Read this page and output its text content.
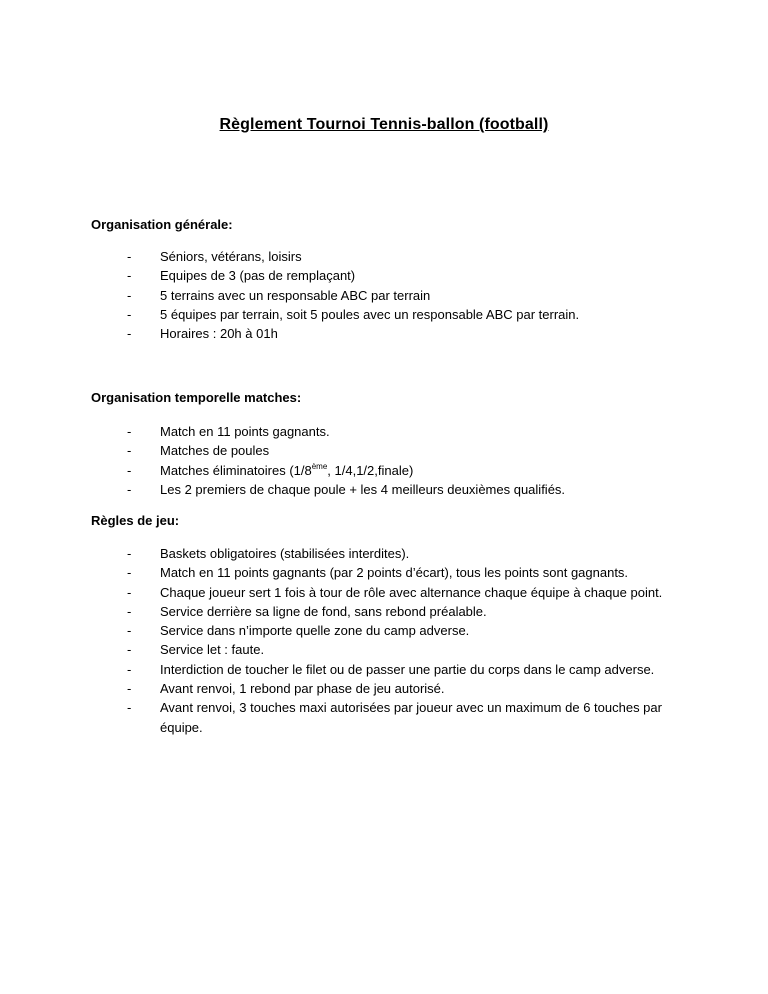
Règlement Tournoi Tennis-ballon (football)
Organisation générale:
- Séniors, vétérans, loisirs
- Equipes de 3 (pas de remplaçant)
- 5 terrains avec un responsable ABC par terrain
- 5 équipes par terrain, soit 5 poules avec un responsable ABC par terrain.
- Horaires : 20h à 01h
Organisation temporelle matches:
- Match en 11 points gagnants.
- Matches de poules
- Matches éliminatoires (1/8ème, 1/4,1/2,finale)
- Les 2 premiers de chaque poule + les 4 meilleurs deuxièmes qualifiés.
Règles de jeu:
- Baskets obligatoires (stabilisées interdites).
- Match en 11 points gagnants (par 2 points d’écart), tous les points sont gagnants.
- Chaque joueur sert 1 fois à tour de rôle avec alternance chaque équipe à chaque point.
- Service derrière sa ligne de fond, sans rebond préalable.
- Service dans n’importe quelle zone du camp adverse.
- Service let : faute.
- Interdiction de toucher le filet ou de passer une partie du corps dans le camp adverse.
- Avant renvoi, 1 rebond par phase de jeu autorisé.
- Avant renvoi, 3 touches maxi autorisées par joueur avec un maximum de 6 touches par équipe.
